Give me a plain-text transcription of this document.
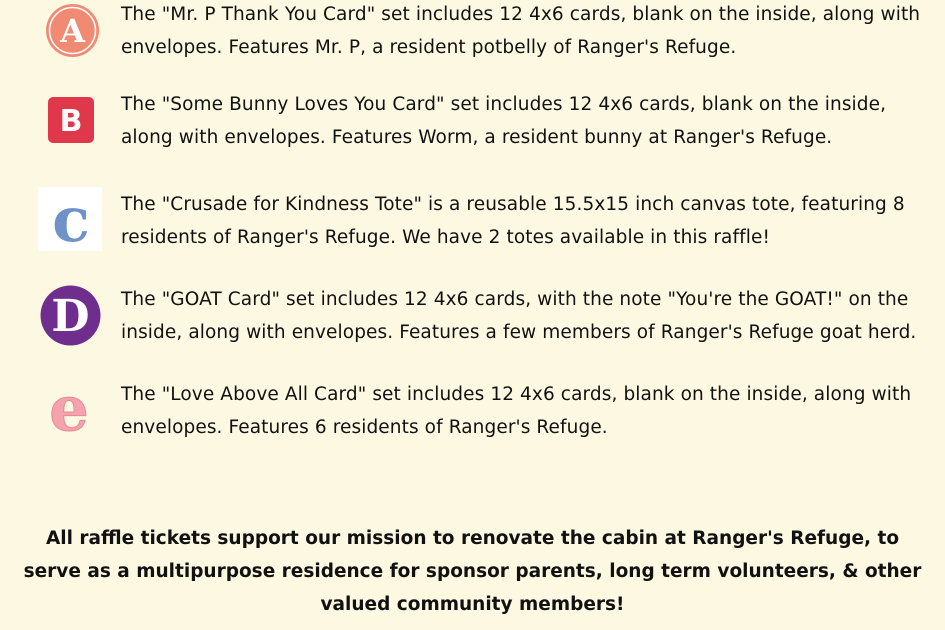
A The "Mr. P Thank You Card" set includes 12 4x6 cards, blank on the inside, along with envelopes. Features Mr. P, a resident potbelly of Ranger's Refuge.

B The "Some Bunny Loves You Card" set includes 12 4x6 cards, blank on the inside, along with envelopes. Features Worm, a resident bunny at Ranger's Refuge.

c The "Crusade for Kindness Tote" is a reusable 15.5x15 inch canvas tote, featuring 8 residents of Ranger's Refuge. We have 2 totes available in this raffle!

D The "GOAT Card" set includes 12 4x6 cards, with the note "You're the GOAT!" on the inside, along with envelopes. Features a few members of Ranger's Refuge goat herd.

e The "Love Above All Card" set includes 12 4x6 cards, blank on the inside, along with envelopes. Features 6 residents of Ranger's Refuge.

All raffle tickets support our mission to renovate the cabin at Ranger's Refuge, to serve as a multipurpose residence for sponsor parents, long term volunteers, & other valued community members!
